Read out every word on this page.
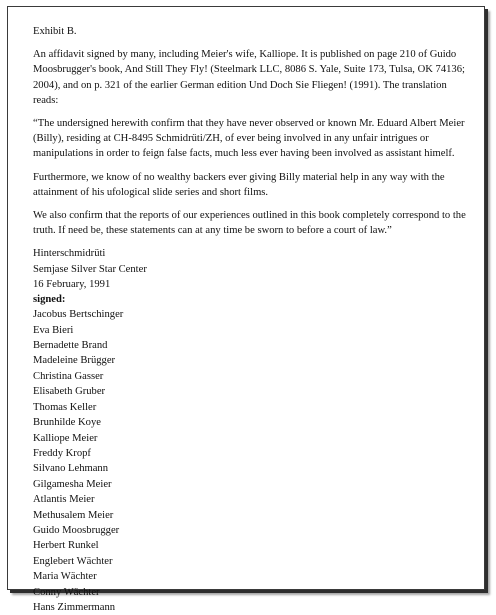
Exhibit B.

An affidavit signed by many, including Meier's wife, Kalliope. It is published on page 210 of Guido Moosbrugger's book, And Still They Fly! (Steelmark LLC, 8086 S. Yale, Suite 173, Tulsa, OK 74136; 2004), and on p. 321 of the earlier German edition Und Doch Sie Fliegen! (1991). The translation reads:

“The undersigned herewith confirm that they have never observed or known Mr. Eduard Albert Meier (Billy), residing at CH-8495 Schmidrüti/ZH, of ever being involved in any unfair intrigues or manipulations in order to feign false facts, much less ever having been involved as assistant himelf.

Furthermore, we know of no wealthy backers ever giving Billy material help in any way with the attainment of his ufological slide series and short films.

We also confirm that the reports of our experiences outlined in this book completely correspond to the truth. If need be, these statements can at any time be sworn to before a court of law.”

Hinterschmidrüti
Semjase Silver Star Center
16 February, 1991
signed:
Jacobus Bertschinger
Eva Bieri
Bernadette Brand
Madeleine Brügger
Christina Gasser
Elisabeth Gruber
Thomas Keller
Brunhilde Koye
Kalliope Meier
Freddy Kropf
Silvano Lehmann
Gilgamesha Meier
Atlantis Meier
Methusalem Meier
Guido Moosbrugger
Herbert Runkel
Englebert Wächter
Maria Wächter
Conny Wächter
Hans Zimmermann
